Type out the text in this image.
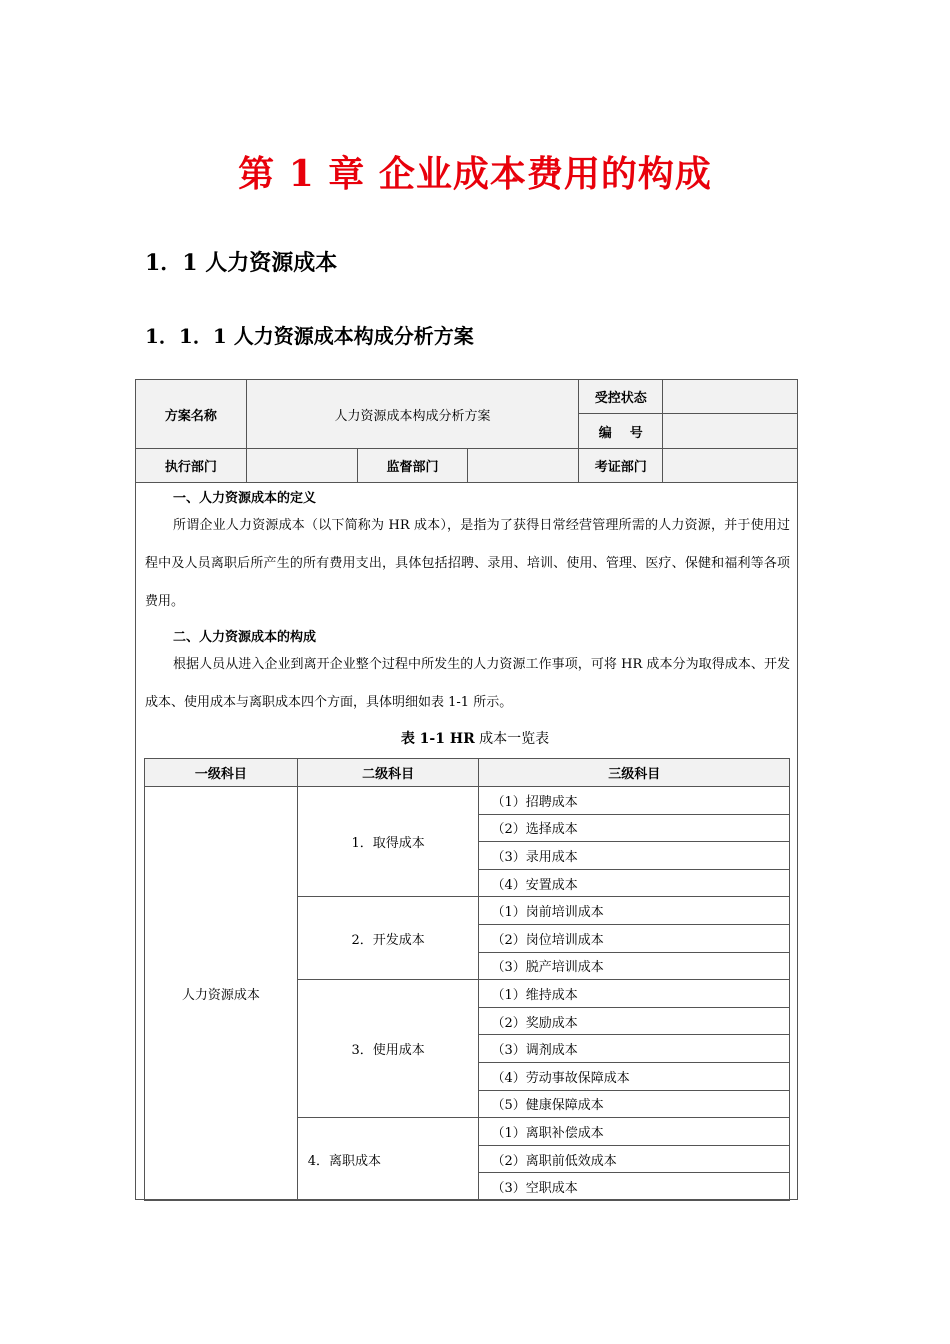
第 1 章 企业成本费用的构成
1．1 人力资源成本
1．1．1 人力资源成本构成分析方案
方案名称	人力资源成本构成分析方案			受控状态	
				编    号	
执行部门		监督部门		考证部门	
一、人力资源成本的定义
所谓企业人力资源成本（以下简称为 HR 成本），是指为了获得日常经营管理所需的人力资源，并于使用过程中及人员离职后所产生的所有费用支出，具体包括招聘、录用、培训、使用、管理、医疗、保健和福利等各项费用。
二、人力资源成本的构成
根据人员从进入企业到离开企业整个过程中所发生的人力资源工作事项，可将 HR 成本分为取得成本、开发成本、使用成本与离职成本四个方面，具体明细如表 1-1 所示。
表 1-1 HR 成本一览表
一级科目	二级科目	三级科目
人力资源成本	1．取得成本	（1）招聘成本
		（2）选择成本
		（3）录用成本
		（4）安置成本
	2．开发成本	（1）岗前培训成本
		（2）岗位培训成本
		（3）脱产培训成本
	3．使用成本	（1）维持成本
		（2）奖励成本
		（3）调剂成本
		（4）劳动事故保障成本
		（5）健康保障成本
	4．离职成本	（1）离职补偿成本
		（2）离职前低效成本
		（3）空职成本
